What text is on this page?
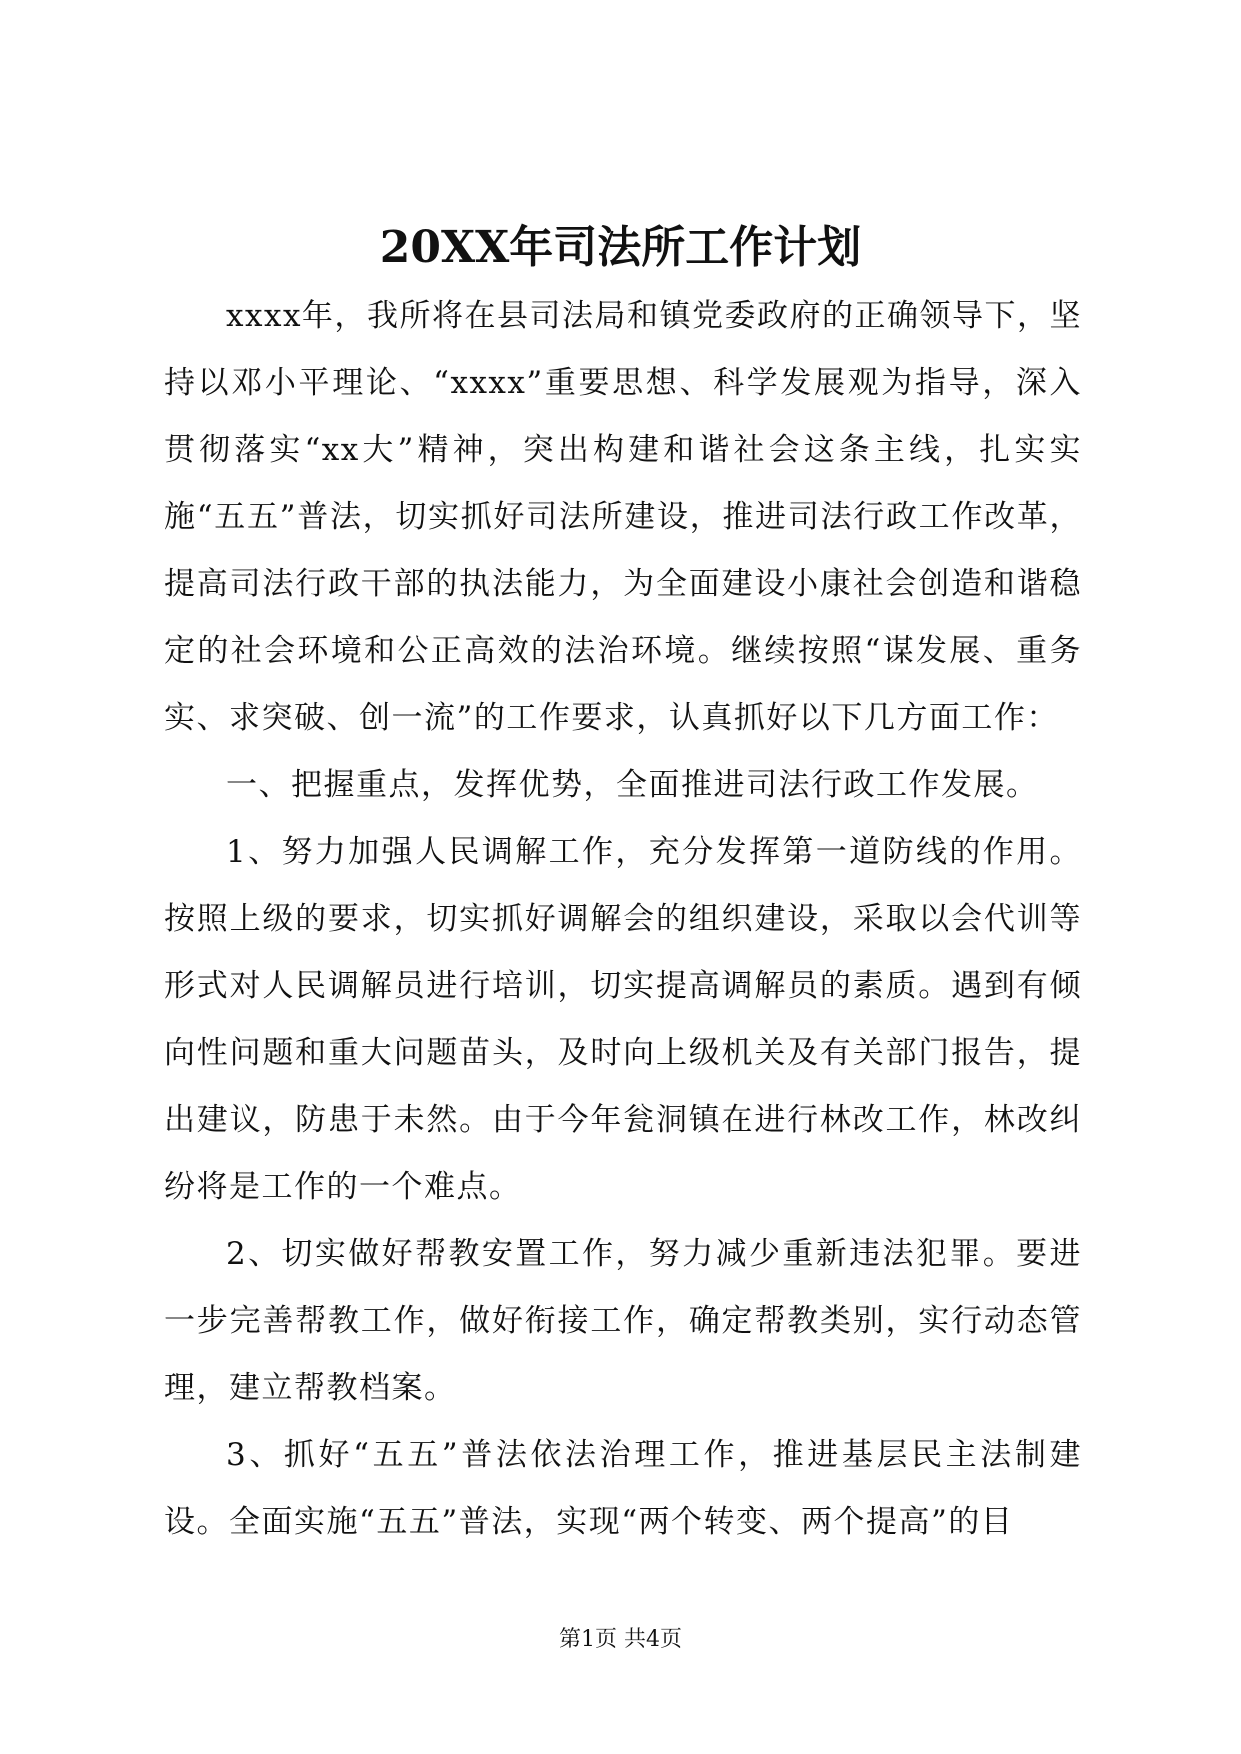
20XX年司法所工作计划

xxxx年，我所将在县司法局和镇党委政府的正确领导下，坚持以邓小平理论、“xxxx”重要思想、科学发展观为指导，深入贯彻落实“xx大”精神，突出构建和谐社会这条主线，扎实实施“五五”普法，切实抓好司法所建设，推进司法行政工作改革，提高司法行政干部的执法能力，为全面建设小康社会创造和谐稳定的社会环境和公正高效的法治环境。继续按照“谋发展、重务实、求突破、创一流”的工作要求，认真抓好以下几方面工作：

一、把握重点，发挥优势，全面推进司法行政工作发展。

1、努力加强人民调解工作，充分发挥第一道防线的作用。按照上级的要求，切实抓好调解会的组织建设，采取以会代训等形式对人民调解员进行培训，切实提高调解员的素质。遇到有倾向性问题和重大问题苗头，及时向上级机关及有关部门报告，提出建议，防患于未然。由于今年瓮洞镇在进行林改工作，林改纠纷将是工作的一个难点。

2、切实做好帮教安置工作，努力减少重新违法犯罪。要进一步完善帮教工作，做好衔接工作，确定帮教类别，实行动态管理，建立帮教档案。

3、抓好“五五”普法依法治理工作，推进基层民主法制建设。全面实施“五五”普法，实现“两个转变、两个提高”的目

第1页 共4页
